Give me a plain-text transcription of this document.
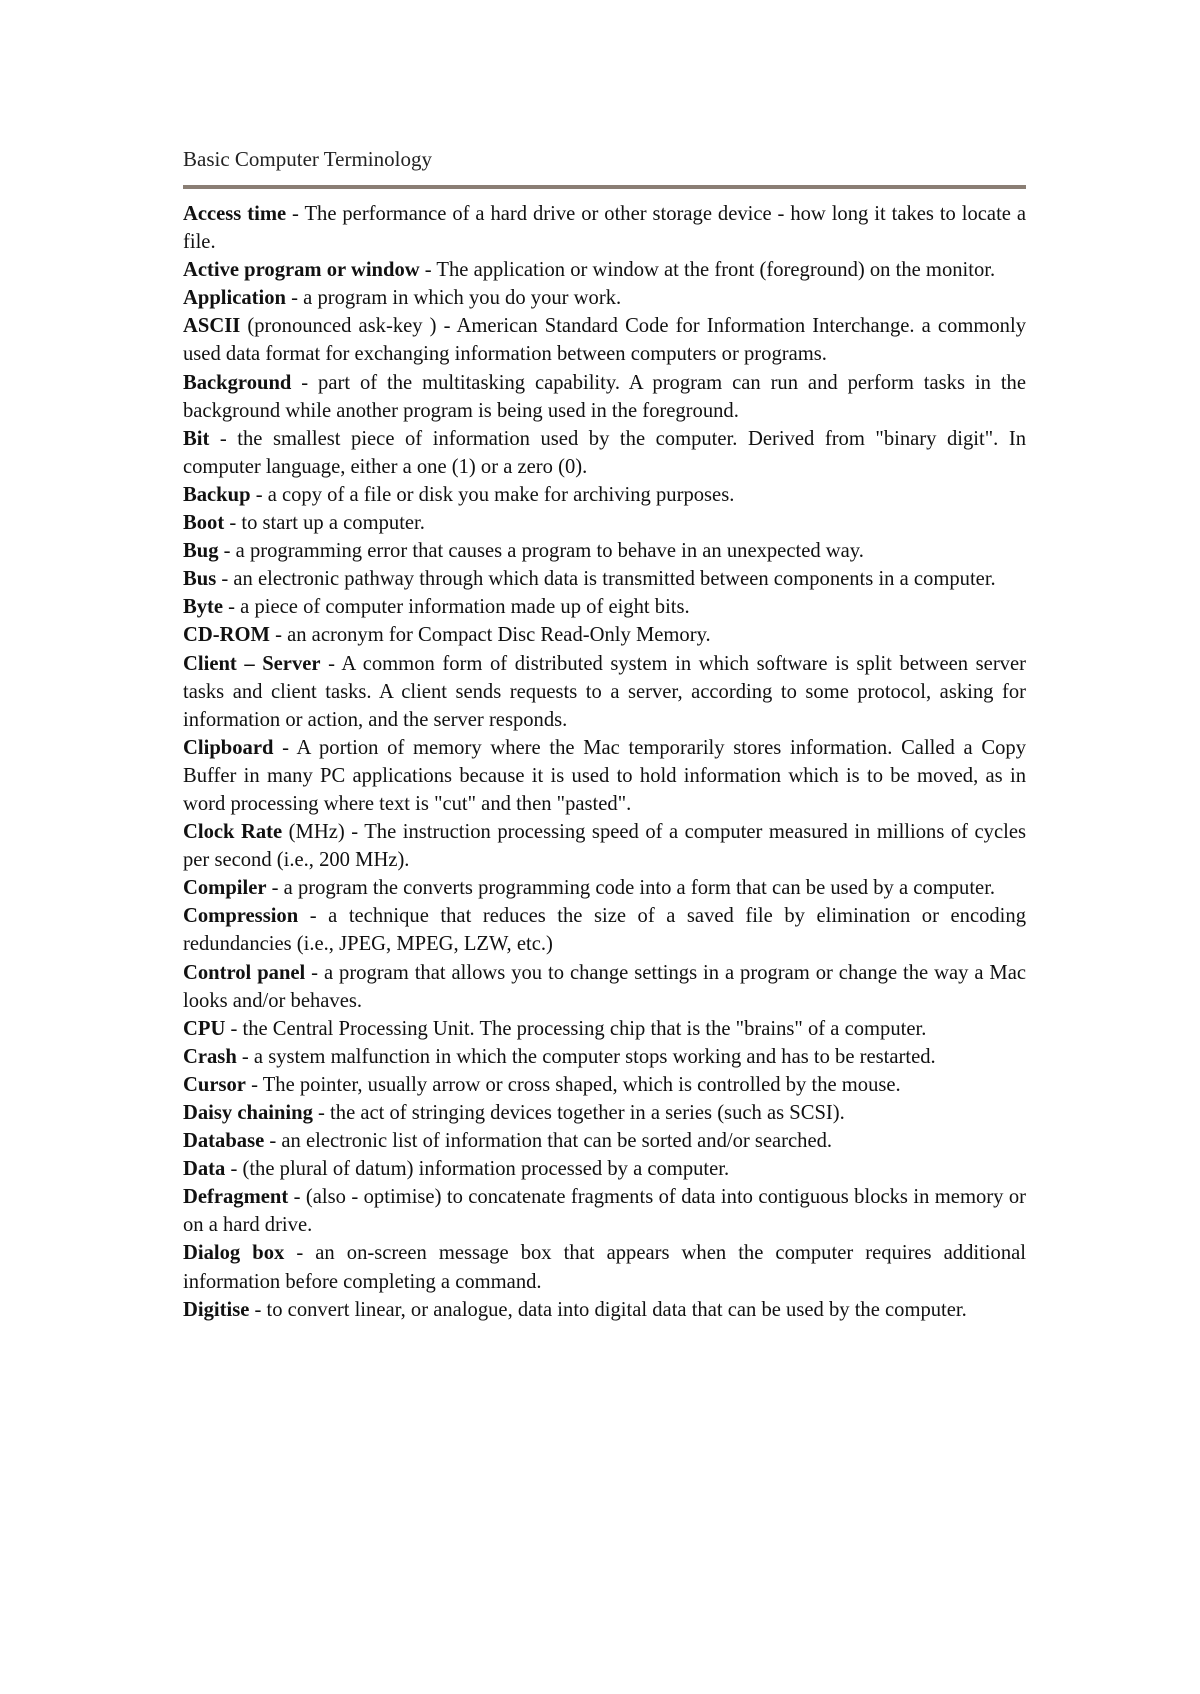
Basic Computer Terminology
Access time - The performance of a hard drive or other storage device - how long it takes to locate a file.
Active program or window - The application or window at the front (foreground) on the monitor.
Application - a program in which you do your work.
ASCII (pronounced ask-key ) - American Standard Code for Information Interchange. a commonly used data format for exchanging information between computers or programs.
Background - part of the multitasking capability. A program can run and perform tasks in the background while another program is being used in the foreground.
Bit - the smallest piece of information used by the computer. Derived from "binary digit". In computer language, either a one (1) or a zero (0).
Backup - a copy of a file or disk you make for archiving purposes.
Boot - to start up a computer.
Bug - a programming error that causes a program to behave in an unexpected way.
Bus - an electronic pathway through which data is transmitted between components in a computer.
Byte - a piece of computer information made up of eight bits.
CD-ROM - an acronym for Compact Disc Read-Only Memory.
Client – Server - A common form of distributed system in which software is split between server tasks and client tasks. A client sends requests to a server, according to some protocol, asking for information or action, and the server responds.
Clipboard - A portion of memory where the Mac temporarily stores information. Called a Copy Buffer in many PC applications because it is used to hold information which is to be moved, as in word processing where text is "cut" and then "pasted".
Clock Rate (MHz) - The instruction processing speed of a computer measured in millions of cycles per second (i.e., 200 MHz).
Compiler - a program the converts programming code into a form that can be used by a computer.
Compression - a technique that reduces the size of a saved file by elimination or encoding redundancies (i.e., JPEG, MPEG, LZW, etc.)
Control panel - a program that allows you to change settings in a program or change the way a Mac looks and/or behaves.
CPU - the Central Processing Unit. The processing chip that is the "brains" of a computer.
Crash - a system malfunction in which the computer stops working and has to be restarted.
Cursor - The pointer, usually arrow or cross shaped, which is controlled by the mouse.
Daisy chaining - the act of stringing devices together in a series (such as SCSI).
Database - an electronic list of information that can be sorted and/or searched.
Data - (the plural of datum) information processed by a computer.
Defragment - (also - optimise) to concatenate fragments of data into contiguous blocks in memory or on a hard drive.
Dialog box - an on-screen message box that appears when the computer requires additional information before completing a command.
Digitise - to convert linear, or analogue, data into digital data that can be used by the computer.
